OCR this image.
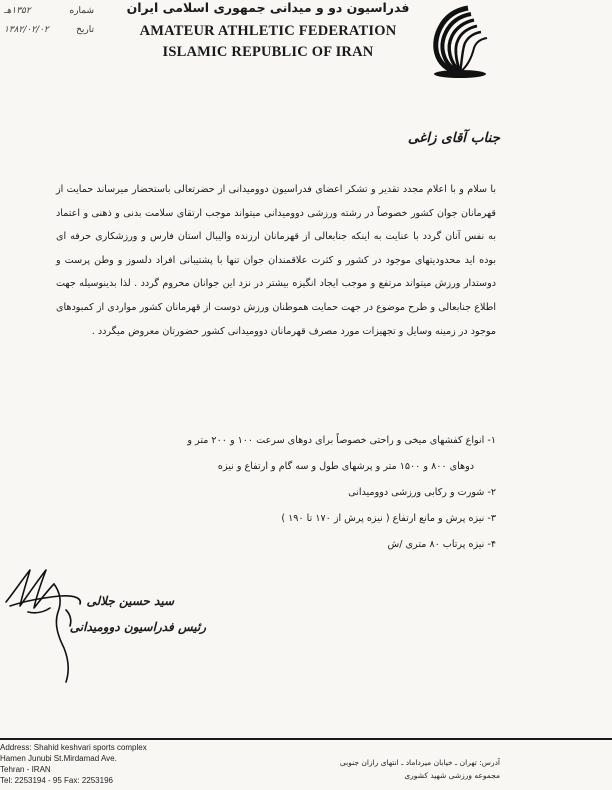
شماره
١٣۵٢هـ
تاریخ
١٣٨٢/٠٢/٠٢
فدراسیون دو و میدانی جمهوری اسلامی ایران
AMATEUR ATHLETIC FEDERATION
ISLAMIC REPUBLIC OF IRAN
جناب آقای زاغی

با سلام و با اعلام مجدد تقدیر و تشکر اعضای فدراسیون دوومیدانی از حضرتعالی باستحضار میرساند حمایت از قهرمانان جوان کشور خصوصاً در رشته ورزشی دوومیدانی میتواند موجب ارتقای سلامت بدنی و ذهنی و اعتماد به نفس آنان گردد با عنایت به اینکه جنابعالی از قهرمانان ارزنده والیبال استان فارس و ورزشکاری حرفه ای بوده اید محدودیتهای موجود در کشور و کثرت علاقمندان جوان تنها با پشتیبانی افراد دلسوز و وطن پرست و دوستدار ورزش میتواند مرتفع و موجب ایجاد انگیزه بیشتر در نزد این جوانان محروم گردد . لذا بدینوسیله جهت اطلاع جنابعالی و طرح موضوع در جهت حمایت هموطنان ورزش دوست از قهرمانان کشور مواردی از کمبودهای موجود در زمینه وسایل و تجهیزات مورد مصرف قهرمانان دوومیدانی کشور حضورتان معروض میگردد .

۱- انواع کفشهای میخی و راحتی خصوصاً برای دوهای سرعت ۱۰۰ و ۲۰۰ متر و

دوهای ۸۰۰ و ۱۵۰۰ متر و پرشهای طول و سه گام و ارتفاع و نیزه

۲- شورت و رکابی ورزشی دوومیدانی

۳- نیزه پرش و مانع ارتفاع ( نیزه پرش از ۱۷۰ تا ۱۹۰ )

۴- نیزه پرتاب ۸۰ متری /ش

سید حسین جلالی
رئیس فدراسیون دوومیدانی
Address: Shahid keshvari sports complex
Hamen Junubi St.Mirdamad Ave.
Tehran - IRAN
Tel: 2253194 - 95 Fax: 2253196
آدرس: تهران ـ خیابان میرداماد ـ انتهای رازان جنوبی
مجموعه ورزشی شهید کشوری
